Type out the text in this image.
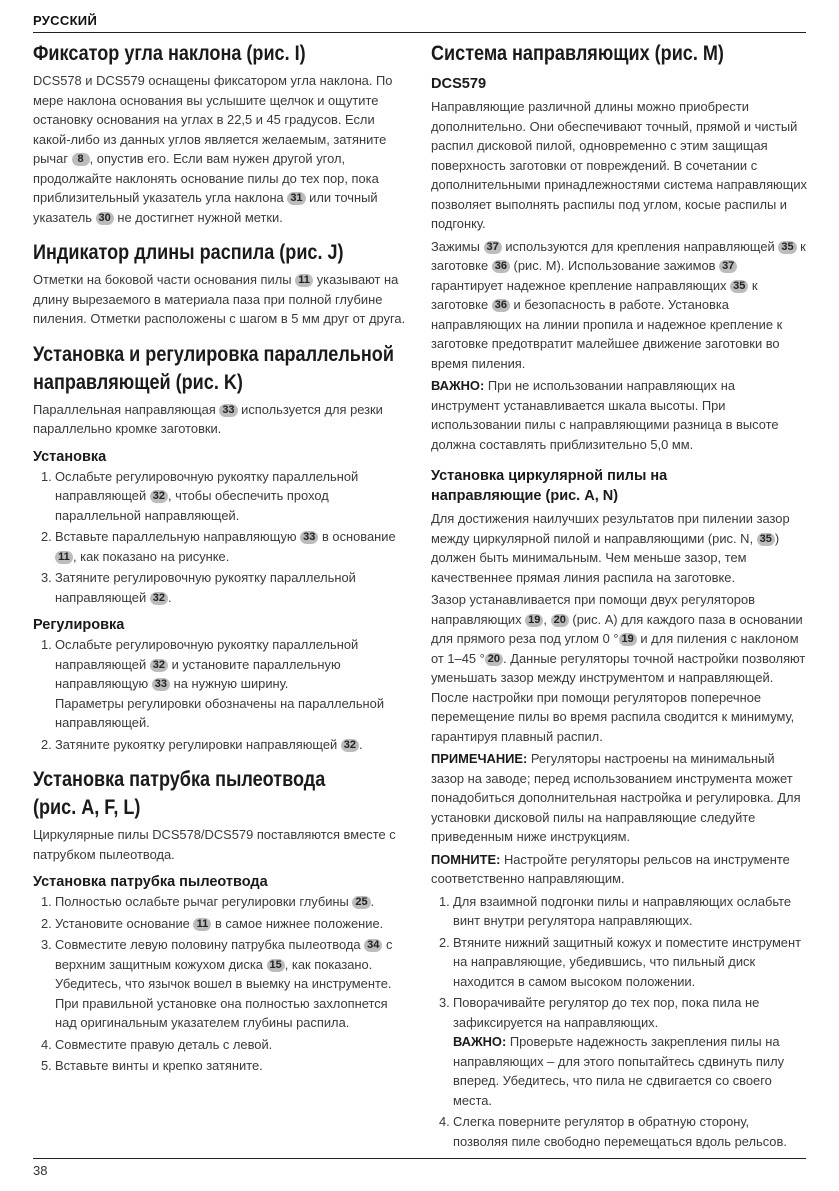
РУССКИЙ
Фиксатор угла наклона (рис. I)

DCS578 и DCS579 оснащены фиксатором угла наклона. По мере наклона основания вы услышите щелчок и ощутите остановку основания на углах в 22,5 и 45 градусов. Если какой-либо из данных углов является желаемым, затяните рычаг 8 , опустив его. Если вам нужен другой угол, продолжайте наклонять основание пилы до тех пор, пока приблизительный указатель угла наклона 31 или точный указатель 30 не достигнет нужной метки.

Индикатор длины распила (рис. J)

Отметки на боковой части основания пилы 11 указывают на длину вырезаемого в материала паза при полной глубине пиления. Отметки расположены с шагом в 5 мм друг от друга.

Установка и регулировка параллельной
направляющей (рис. K)

Параллельная направляющая 33 используется для резки параллельно кромке заготовки.

Установка
1. Ослабьте регулировочную рукоятку параллельной направляющей 32 , чтобы обеспечить проход параллельной направляющей.
2. Вставьте параллельную направляющую 33 в основание 11 , как показано на рисунке.
3. Затяните регулировочную рукоятку параллельной направляющей 32 .
Регулировка
1. Ослабьте регулировочную рукоятку параллельной направляющей 32 и установите параллельную направляющую 33 на нужную ширину.
Параметры регулировки обозначены на параллельной направляющей.
2. Затяните рукоятку регулировки направляющей 32 .
Установка патрубка пылеотвода
(рис. A, F, L)

Циркулярные пилы DCS578/DCS579 поставляются вместе с патрубком пылеотвода.

Установка патрубка пылеотвода
1. Полностью ослабьте рычаг регулировки глубины 25 .
2. Установите основание 11 в самое нижнее положение.
3. Совместите левую половину патрубка пылеотвода 34 с верхним защитным кожухом диска 15 , как показано. Убедитесь, что язычок вошел в выемку на инструменте. При правильной установке она полностью захлопнется над оригинальным указателем глубины распила.
4. Совместите правую деталь с левой.
5. Вставьте винты и крепко затяните.
Система направляющих (рис. M)
DCS579

Направляющие различной длины можно приобрести дополнительно. Они обеспечивают точный, прямой и чистый распил дисковой пилой, одновременно с этим защищая поверхность заготовки от повреждений. В сочетании с дополнительными принадлежностями система направляющих позволяет выполнять распилы под углом, косые распилы и подгонку.

Зажимы 37 используются для крепления направляющей 35 к заготовке 36 (рис. M). Использование зажимов 37 гарантирует надежное крепление направляющих 35 к заготовке 36 и безопасность в работе. Установка направляющих на линии пропила и надежное крепление к заготовке предотвратит малейшее движение заготовки во время пиления.

ВАЖНО: При не использовании направляющих на инструмент устанавливается шкала высоты. При использовании пилы с направляющими разница в высоте должна составлять приблизительно 5,0 мм.

Установка циркулярной пилы на
направляющие (рис. A, N)

Для достижения наилучших результатов при пилении зазор между циркулярной пилой и направляющими (рис. N, 35 ) должен быть минимальным. Чем меньше зазор, тем качественнее прямая линия распила на заготовке.

Зазор устанавливается при помощи двух регуляторов направляющих 19 , 20 (рис. A) для каждого паза в основании для прямого реза под углом 0 ° 19 и для пиления с наклоном от 1–45 ° 20 . Данные регуляторы точной настройки позволяют уменьшать зазор между инструментом и направляющей. После настройки при помощи регуляторов поперечное перемещение пилы во время распила сводится к минимуму, гарантируя плавный распил.

ПРИМЕЧАНИЕ: Регуляторы настроены на минимальный зазор на заводе; перед использованием инструмента может понадобиться дополнительная настройка и регулировка. Для установки дисковой пилы на направляющие следуйте приведенным ниже инструкциям.

ПОМНИТЕ: Настройте регуляторы рельсов на инструменте соответственно направляющим.

1. Для взаимной подгонки пилы и направляющих ослабьте винт внутри регулятора направляющих.
2. Втяните нижний защитный кожух и поместите инструмент на направляющие, убедившись, что пильный диск находится в самом высоком положении.
3. Поворачивайте регулятор до тех пор, пока пила не зафиксируется на направляющих.
ВАЖНО: Проверьте надежность закрепления пилы на направляющих – для этого попытайтесь сдвинуть пилу вперед. Убедитесь, что пила не сдвигается со своего места.
4. Слегка поверните регулятор в обратную сторону, позволяя пиле свободно перемещаться вдоль рельсов.
38
